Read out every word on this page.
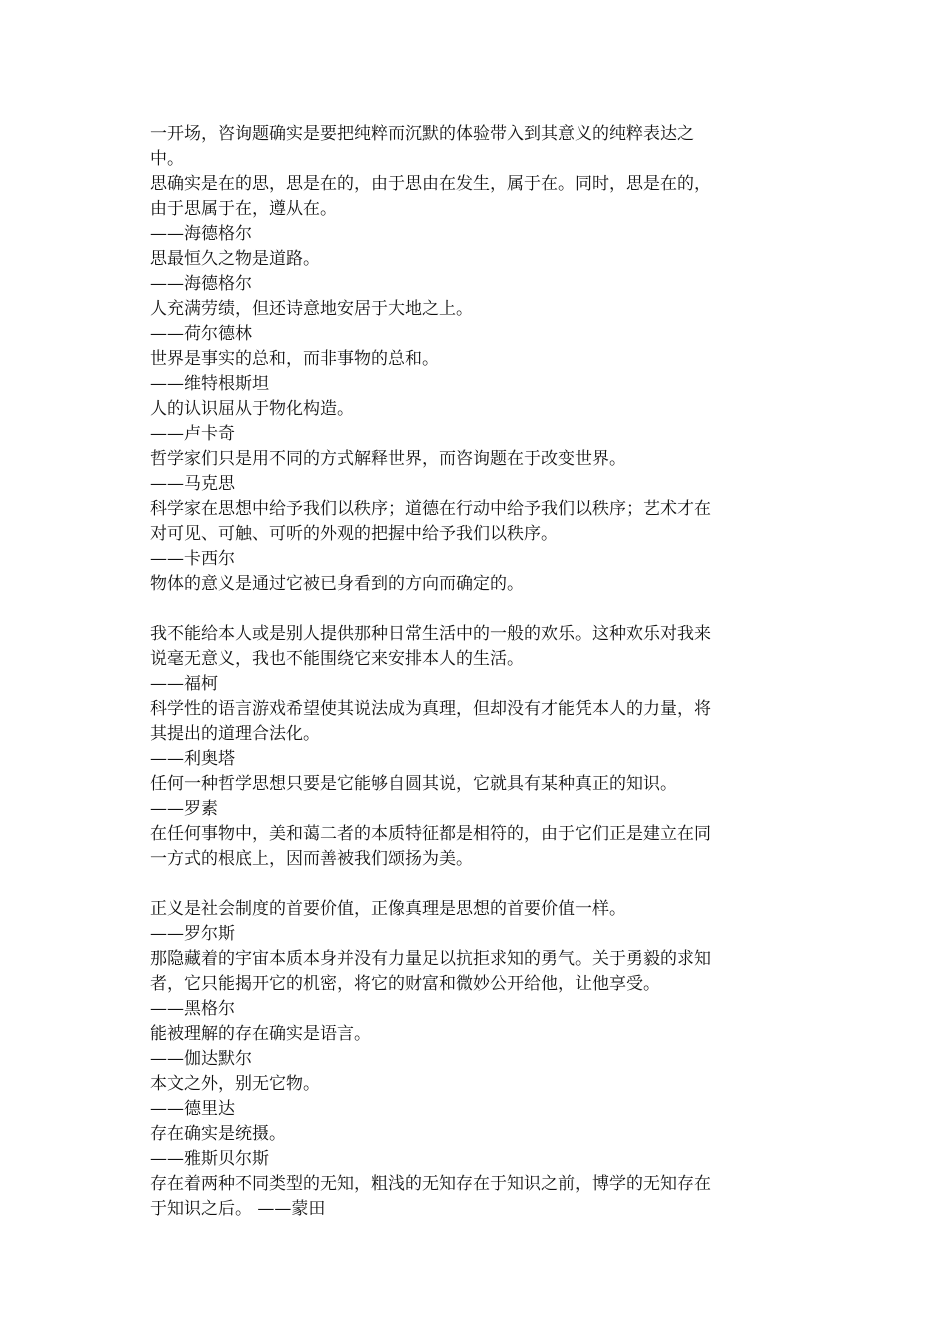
一开场，咨询题确实是要把纯粹而沉默的体验带入到其意义的纯粹表达之
中。
思确实是在的思，思是在的，由于思由在发生，属于在。同时，思是在的，
由于思属于在，遵从在。
——海德格尔
思最恒久之物是道路。
——海德格尔
人充满劳绩，但还诗意地安居于大地之上。
——荷尔德林
世界是事实的总和，而非事物的总和。
——维特根斯坦
人的认识屈从于物化构造。
——卢卡奇
哲学家们只是用不同的方式解释世界，而咨询题在于改变世界。
——马克思
科学家在思想中给予我们以秩序；道德在行动中给予我们以秩序；艺术才在
对可见、可触、可听的外观的把握中给予我们以秩序。
——卡西尔
物体的意义是通过它被已身看到的方向而确定的。
我不能给本人或是别人提供那种日常生活中的一般的欢乐。这种欢乐对我来
说毫无意义，我也不能围绕它来安排本人的生活。
——福柯
科学性的语言游戏希望使其说法成为真理，但却没有才能凭本人的力量，将
其提出的道理合法化。
——利奥塔
任何一种哲学思想只要是它能够自圆其说，它就具有某种真正的知识。
——罗素
在任何事物中，美和蔼二者的本质特征都是相符的，由于它们正是建立在同
一方式的根底上，因而善被我们颂扬为美。
正义是社会制度的首要价值，正像真理是思想的首要价值一样。
——罗尔斯
那隐藏着的宇宙本质本身并没有力量足以抗拒求知的勇气。关于勇毅的求知
者，它只能揭开它的机密，将它的财富和微妙公开给他，让他享受。
——黑格尔
能被理解的存在确实是语言。
——伽达默尔
本文之外，别无它物。
——德里达
存在确实是统摄。
——雅斯贝尔斯
存在着两种不同类型的无知，粗浅的无知存在于知识之前，博学的无知存在
于知识之后。 ——蒙田
